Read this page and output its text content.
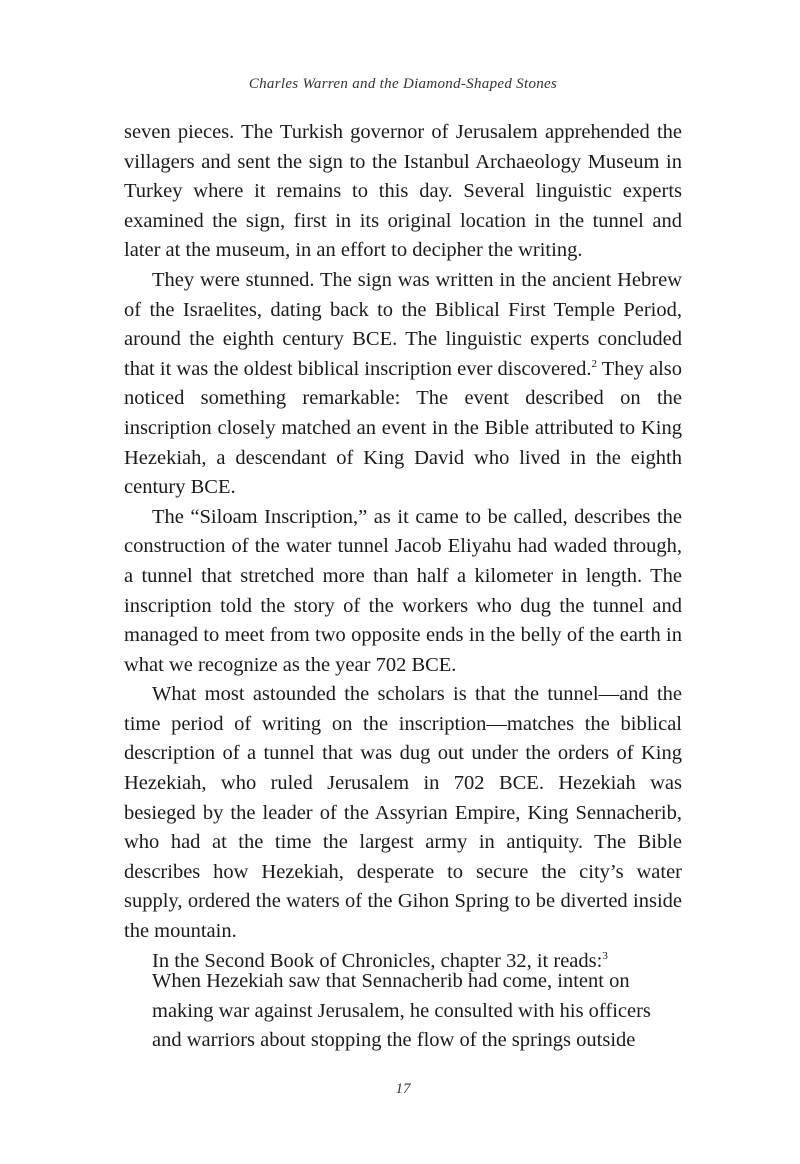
Charles Warren and the Diamond-Shaped Stones

seven pieces. The Turkish governor of Jerusalem apprehended the villagers and sent the sign to the Istanbul Archaeology Museum in Turkey where it remains to this day. Several linguistic experts examined the sign, first in its original location in the tunnel and later at the museum, in an effort to decipher the writing.

They were stunned. The sign was written in the ancient Hebrew of the Israelites, dating back to the Biblical First Temple Period, around the eighth century BCE. The linguistic experts concluded that it was the oldest biblical inscription ever discovered.$^2$ They also noticed something remarkable: The event described on the inscription closely matched an event in the Bible attributed to King Hezekiah, a descendant of King David who lived in the eighth century BCE.

The “Siloam Inscription,” as it came to be called, describes the construction of the water tunnel Jacob Eliyahu had waded through, a tunnel that stretched more than half a kilometer in length. The inscription told the story of the workers who dug the tunnel and managed to meet from two opposite ends in the belly of the earth in what we recognize as the year 702 BCE.

What most astounded the scholars is that the tunnel—and the time period of writing on the inscription—matches the biblical description of a tunnel that was dug out under the orders of King Hezekiah, who ruled Jerusalem in 702 BCE. Hezekiah was besieged by the leader of the Assyrian Empire, King Sennacherib, who had at the time the largest army in antiquity. The Bible describes how Hezekiah, desperate to secure the city’s water supply, ordered the waters of the Gihon Spring to be diverted inside the mountain.

In the Second Book of Chronicles, chapter 32, it reads:$^3$

When Hezekiah saw that Sennacherib had come, intent on making war against Jerusalem, he consulted with his officers and warriors about stopping the flow of the springs outside

17
